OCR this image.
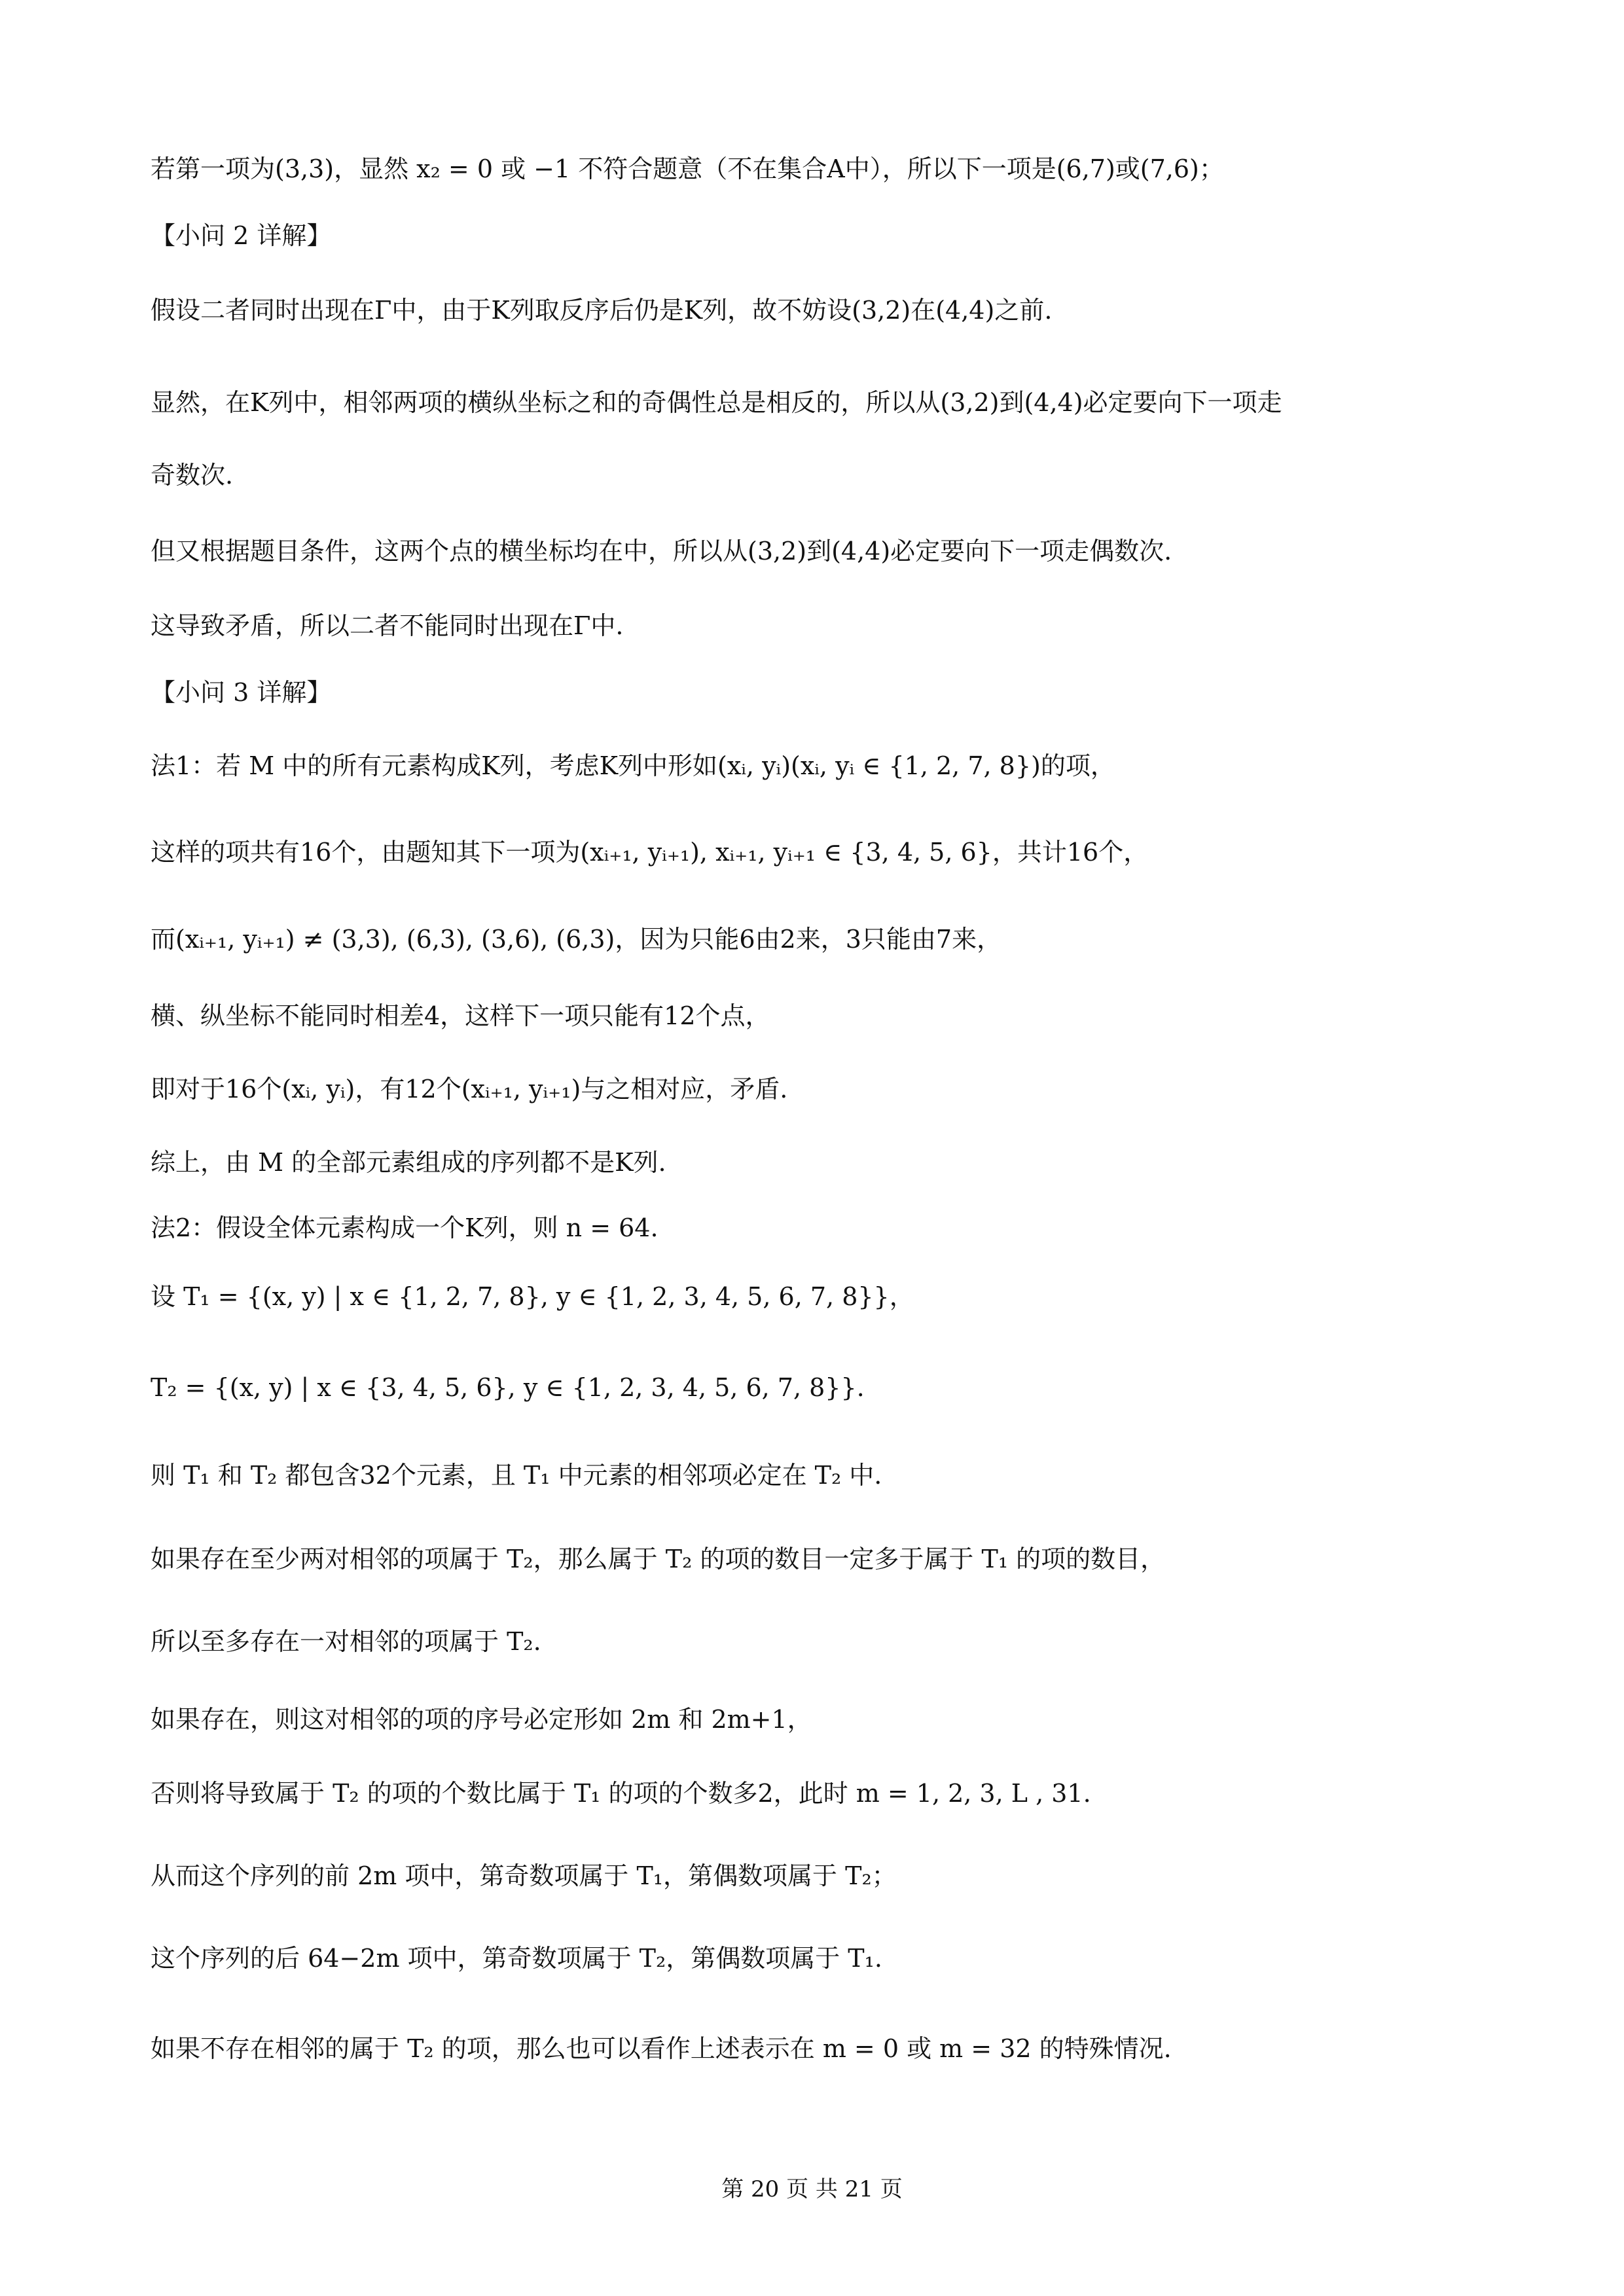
若第一项为(3,3)，显然 x₂ = 0 或 −1 不符合题意（不在集合A中），所以下一项是(6,7)或(7,6)；
【小问 2 详解】
假设二者同时出现在Γ中，由于K列取反序后仍是K列，故不妨设(3,2)在(4,4)之前.
显然，在K列中，相邻两项的横纵坐标之和的奇偶性总是相反的，所以从(3,2)到(4,4)必定要向下一项走
奇数次.
但又根据题目条件，这两个点的横坐标均在中，所以从(3,2)到(4,4)必定要向下一项走偶数次.
这导致矛盾，所以二者不能同时出现在Γ中.
【小问 3 详解】
法1：若 M 中的所有元素构成K列，考虑K列中形如(xᵢ, yᵢ)(xᵢ, yᵢ ∈ {1, 2, 7, 8})的项，
这样的项共有16个，由题知其下一项为(xᵢ₊₁, yᵢ₊₁), xᵢ₊₁, yᵢ₊₁ ∈ {3, 4, 5, 6}，共计16个，
而(xᵢ₊₁, yᵢ₊₁) ≠ (3,3), (6,3), (3,6), (6,3)，因为只能6由2来，3只能由7来，
横、纵坐标不能同时相差4，这样下一项只能有12个点，
即对于16个(xᵢ, yᵢ)，有12个(xᵢ₊₁, yᵢ₊₁)与之相对应，矛盾.
综上，由 M 的全部元素组成的序列都不是K列.
法2：假设全体元素构成一个K列，则 n = 64.
设 T₁ = {(x, y) | x ∈ {1, 2, 7, 8}, y ∈ {1, 2, 3, 4, 5, 6, 7, 8}}，
T₂ = {(x, y) | x ∈ {3, 4, 5, 6}, y ∈ {1, 2, 3, 4, 5, 6, 7, 8}}.
则 T₁ 和 T₂ 都包含32个元素，且 T₁ 中元素的相邻项必定在 T₂ 中.
如果存在至少两对相邻的项属于 T₂，那么属于 T₂ 的项的数目一定多于属于 T₁ 的项的数目，
所以至多存在一对相邻的项属于 T₂.
如果存在，则这对相邻的项的序号必定形如 2m 和 2m+1，
否则将导致属于 T₂ 的项的个数比属于 T₁ 的项的个数多2，此时 m = 1, 2, 3, L , 31.
从而这个序列的前 2m 项中，第奇数项属于 T₁，第偶数项属于 T₂；
这个序列的后 64−2m 项中，第奇数项属于 T₂，第偶数项属于 T₁.
如果不存在相邻的属于 T₂ 的项，那么也可以看作上述表示在 m = 0 或 m = 32 的特殊情况.
第 20 页 共 21 页
